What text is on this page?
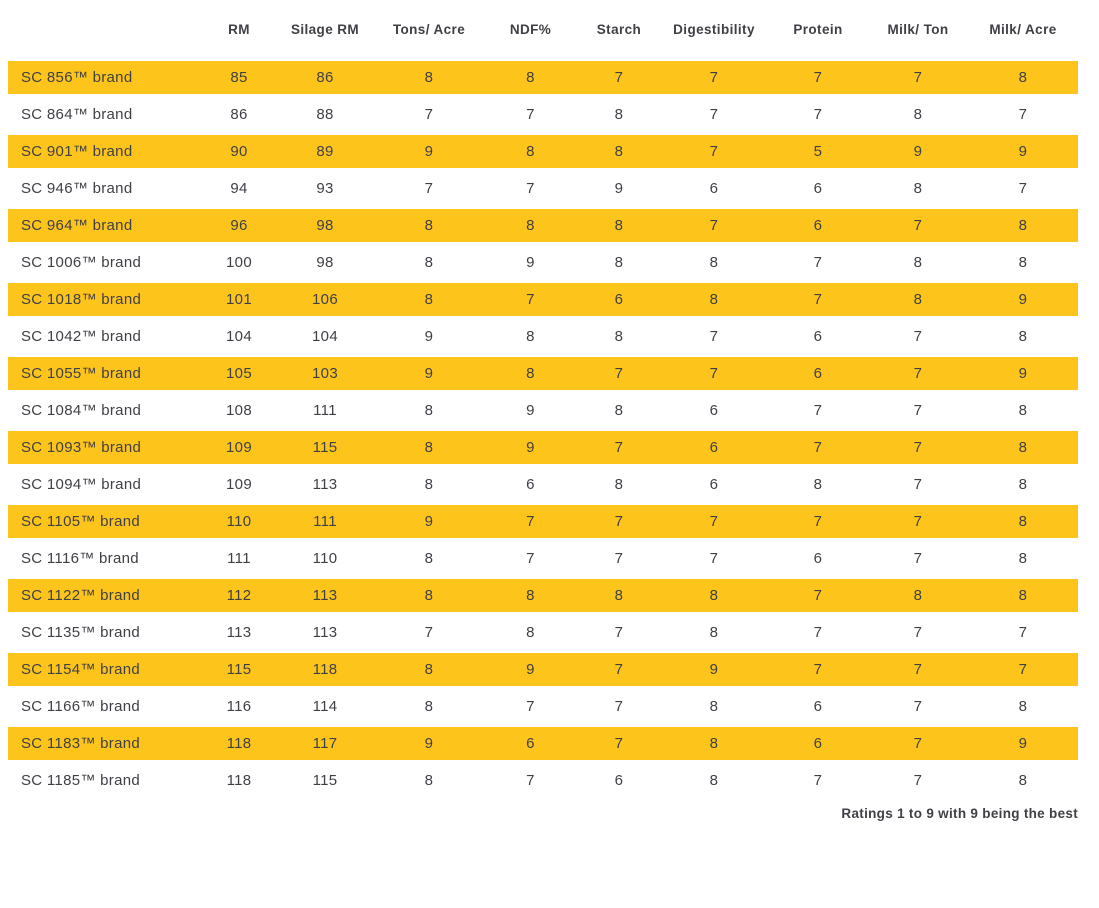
	RM	Silage RM	Tons/ Acre	NDF%	Starch	Digestibility	Protein	Milk/ Ton	Milk/ Acre
SC 856™ brand	85	86	8	8	7	7	7	7	8
SC 864™ brand	86	88	7	7	8	7	7	8	7
SC 901™ brand	90	89	9	8	8	7	5	9	9
SC 946™ brand	94	93	7	7	9	6	6	8	7
SC 964™ brand	96	98	8	8	8	7	6	7	8
SC 1006™ brand	100	98	8	9	8	8	7	8	8
SC 1018™ brand	101	106	8	7	6	8	7	8	9
SC 1042™ brand	104	104	9	8	8	7	6	7	8
SC 1055™ brand	105	103	9	8	7	7	6	7	9
SC 1084™ brand	108	111	8	9	8	6	7	7	8
SC 1093™ brand	109	115	8	9	7	6	7	7	8
SC 1094™ brand	109	113	8	6	8	6	8	7	8
SC 1105™ brand	110	111	9	7	7	7	7	7	8
SC 1116™ brand	111	110	8	7	7	7	6	7	8
SC 1122™ brand	112	113	8	8	8	8	7	8	8
SC 1135™ brand	113	113	7	8	7	8	7	7	7
SC 1154™ brand	115	118	8	9	7	9	7	7	7
SC 1166™ brand	116	114	8	7	7	8	6	7	8
SC 1183™ brand	118	117	9	6	7	8	6	7	9
SC 1185™ brand	118	115	8	7	6	8	7	7	8
Ratings 1 to 9 with 9 being the best
